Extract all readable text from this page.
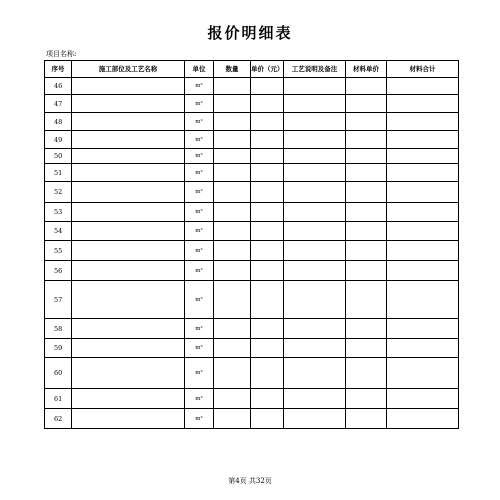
报价明细表
项目名称:
序号	施工部位及工艺名称	单位	数量	单价（元）	工艺说明及备注	材料单价	材料合计
46		m²					
47		m²					
48		m²					
49		m²					
50		m²					
51		m²					
52		m²					
53		m²					
54		m²					
55		m²					
56		m²					
57		m²					
58		m²					
59		m²					
60		m²					
61		m²					
62		m²					
第4页 共32页
